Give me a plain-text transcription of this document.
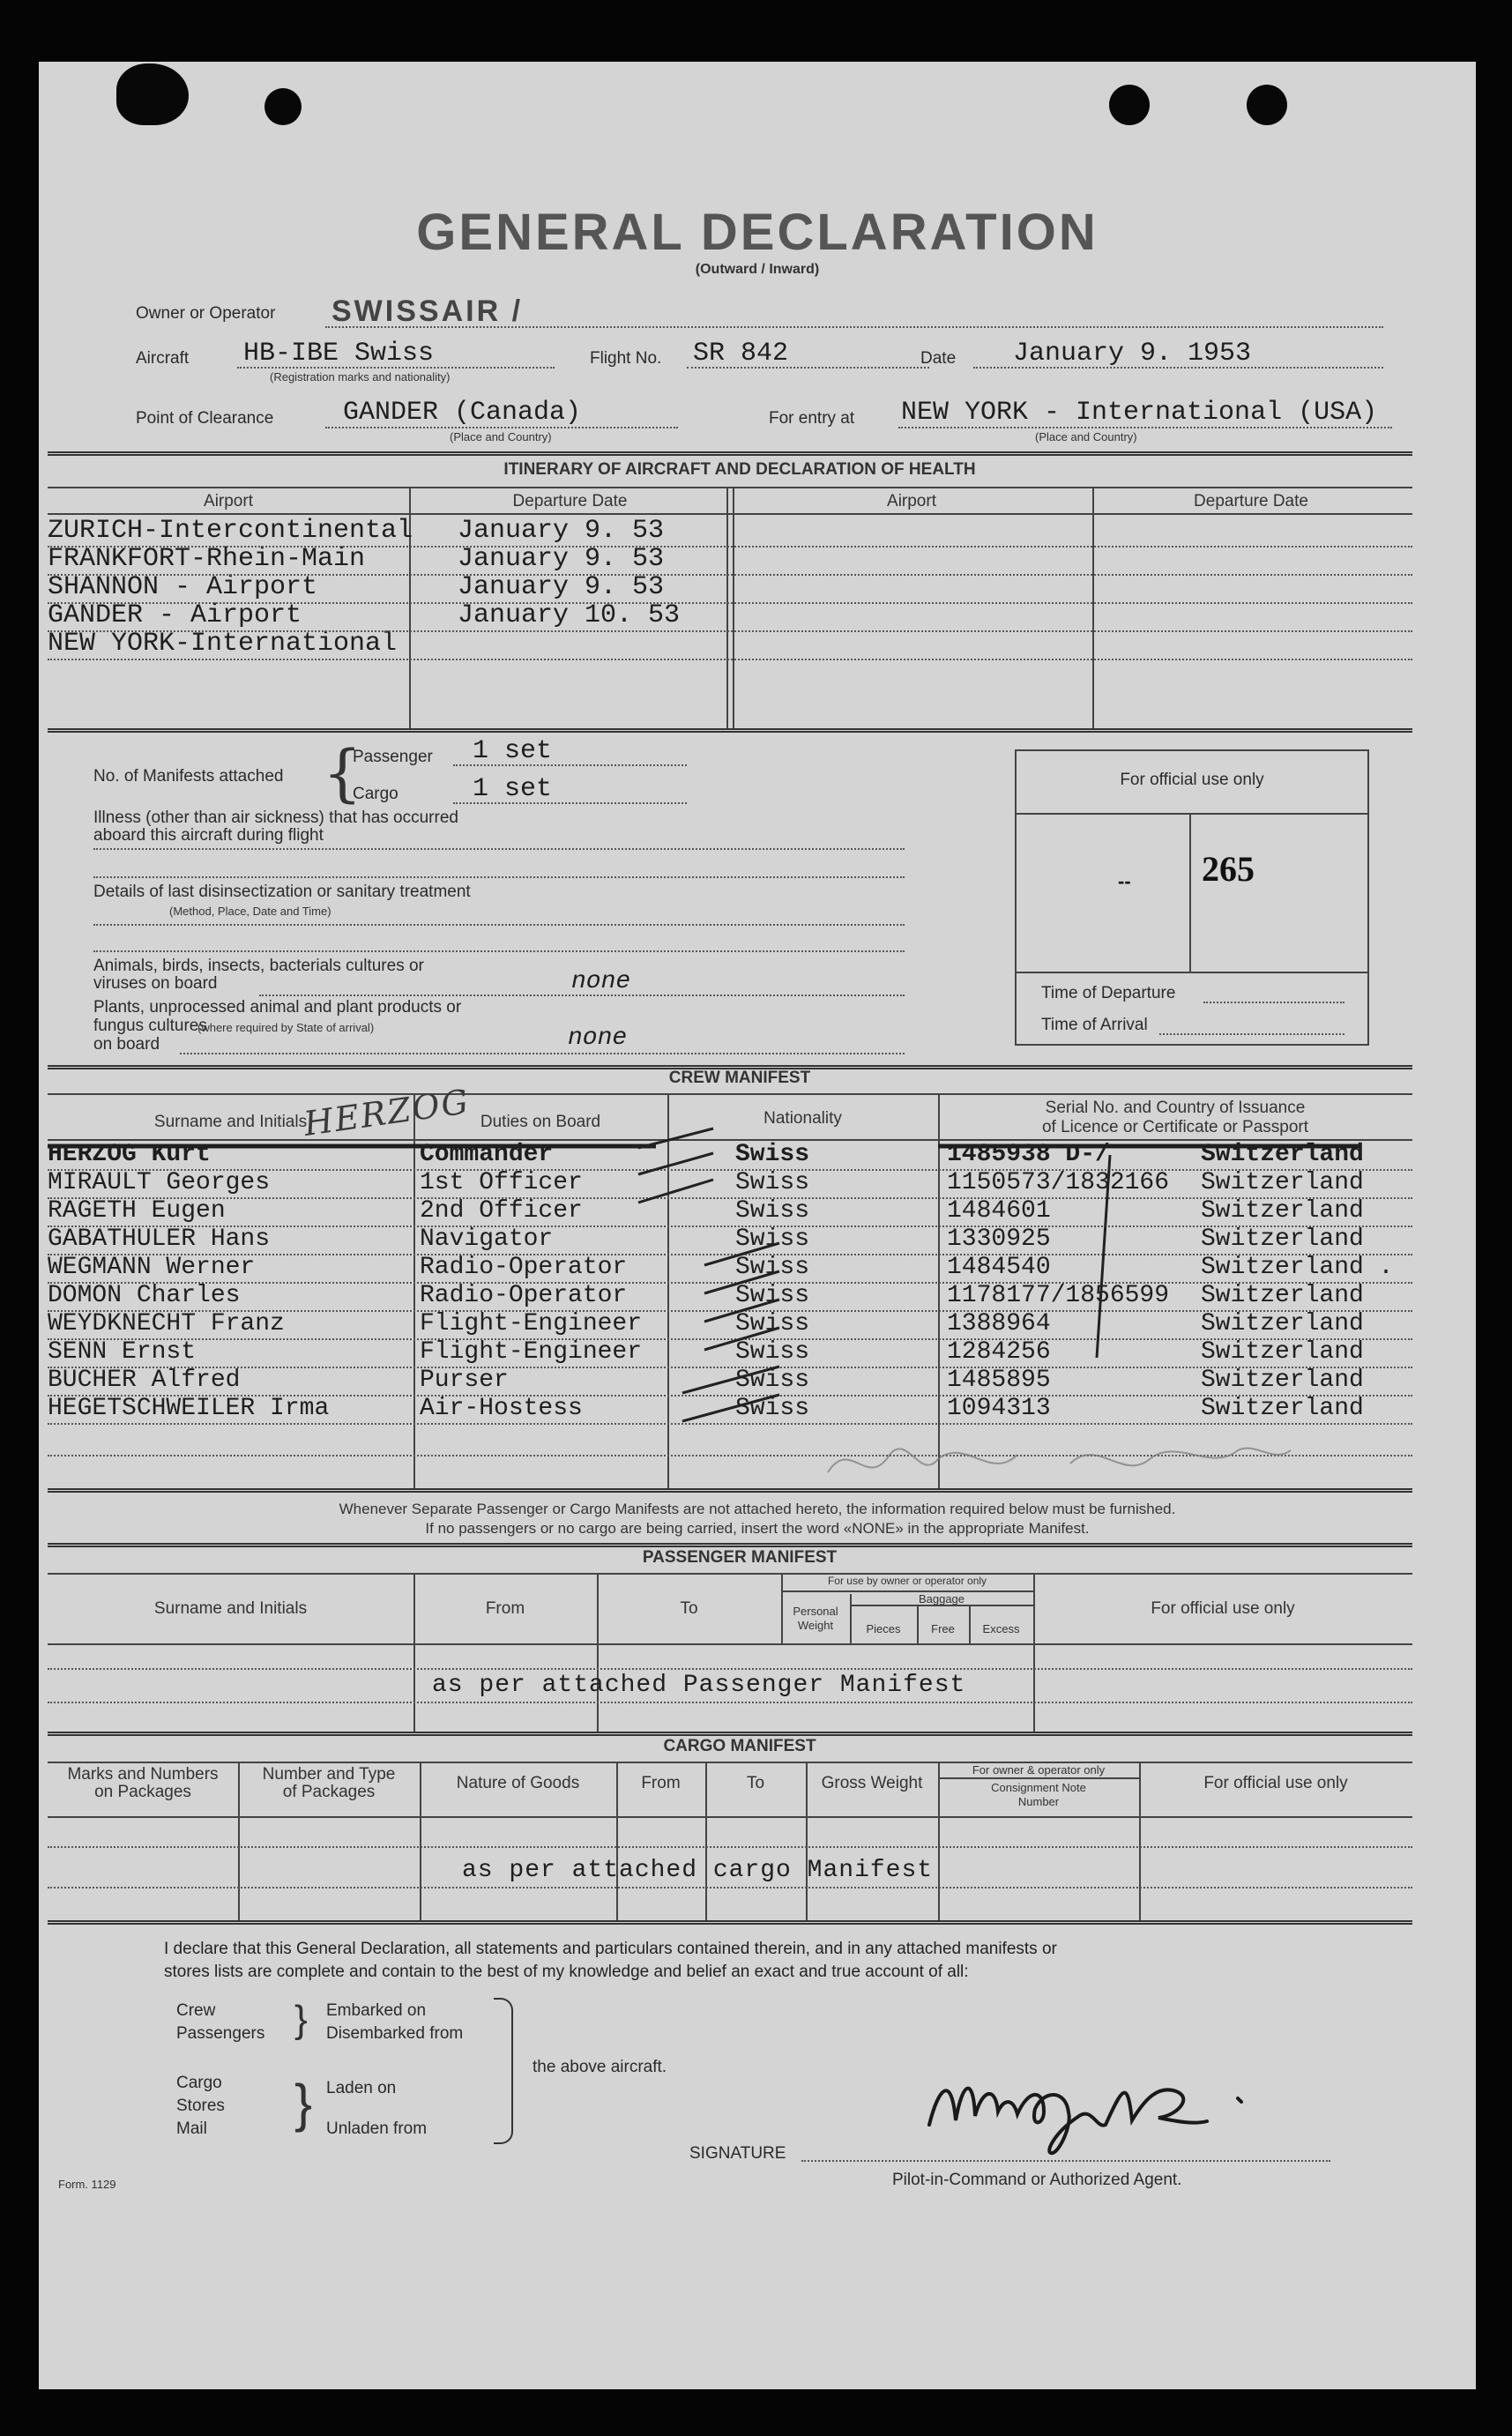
GENERAL DECLARATION
(Outward / Inward)
Owner or Operator SWISSAIR /
Aircraft HB-IBE Swiss
(Registration marks and nationality)
Flight No. SR 842	Date January 9. 1953
Point of Clearance	GANDER (Canada)
(Place and Country)
For entry at NEW YORK - International (USA)
(Place and Country)
ITINERARY OF AIRCRAFT AND DECLARATION OF HEALTH
Airport	Departure Date	Airport	Departure Date
ZURICH-Intercontinental January 9. 53
FRANKFORT-Rhein-Main	January 9. 53
SHANNON - Airport	January 9. 53
GANDER - Airport	January 10. 53
NEW YORK-International
No. of Manifests attached {
Passenger 1 set
Cargo	1 set
Illness (other than air sickness) that has occurred
aboard this aircraft during flight
Details of last disinsectization or sanitary treatment
(Method, Place, Date and Time)
Animals, birds, insects, bacterials cultures or
viruses on board	none
Plants, unprocessed animal and plant products or
fungus cultures
(where required by State of arrival)
on board	none
For official use only
-- 265
Time of Departure
Time of Arrival
CREW MANIFEST
Surname and Initials	Duties on Board	Nationality
Serial No. and Country of Issuance
of Licence or Certificate or Passport
HERZOG
HERZOG Kurt	Commander	Swiss	1485938 D-/	Switzerland
MIRAULT Georges	1st Officer	Swiss	1150573/1832166 Switzerland
RAGETH Eugen	2nd Officer	Swiss	1484601	Switzerland
GABATHULER Hans	Navigator	Swiss	1330925	Switzerland
WEGMANN Werner	Radio-Operator	Swiss	1484540	Switzerland .
DOMON Charles	Radio-Operator	Swiss	1178177/1856599 Switzerland
WEYDKNECHT Franz	Flight-Engineer	Swiss	1388964	Switzerland
SENN Ernst	Flight-Engineer	Swiss	1284256	Switzerland
BUCHER Alfred	Purser	Swiss	1485895	Switzerland
HEGETSCHWEILER Irma	Air-Hostess	Swiss	1094313	Switzerland
Whenever Separate Passenger or Cargo Manifests are not attached hereto, the information required below must be furnished.
If no passengers or no cargo are being carried, insert the word «NONE» in the appropriate Manifest.
PASSENGER MANIFEST
Surname and Initials	From	To
For use by owner or operator only
Personal
Weight
Baggage
Pieces	Free	Excess
For official use only
as per attached Passenger Manifest
CARGO MANIFEST
Marks and Numbers
on Packages
Number and Type
of Packages	Nature of Goods	From	To	Gross Weight
For owner & operator only
Consignment Note
Number
For official use only
as per attached cargo Manifest
I declare that this General Declaration, all statements and particulars contained therein, and in any attached manifests or
stores lists are complete and contain to the best of my knowledge and belief an exact and true account of all:
Crew
Passengers } Embarked on
Disembarked from
Cargo
Stores
Mail } Laden on
Unladen from
the above aircraft.
SIGNATURE
Pilot-in-Command or Authorized Agent.
Form. 1129
